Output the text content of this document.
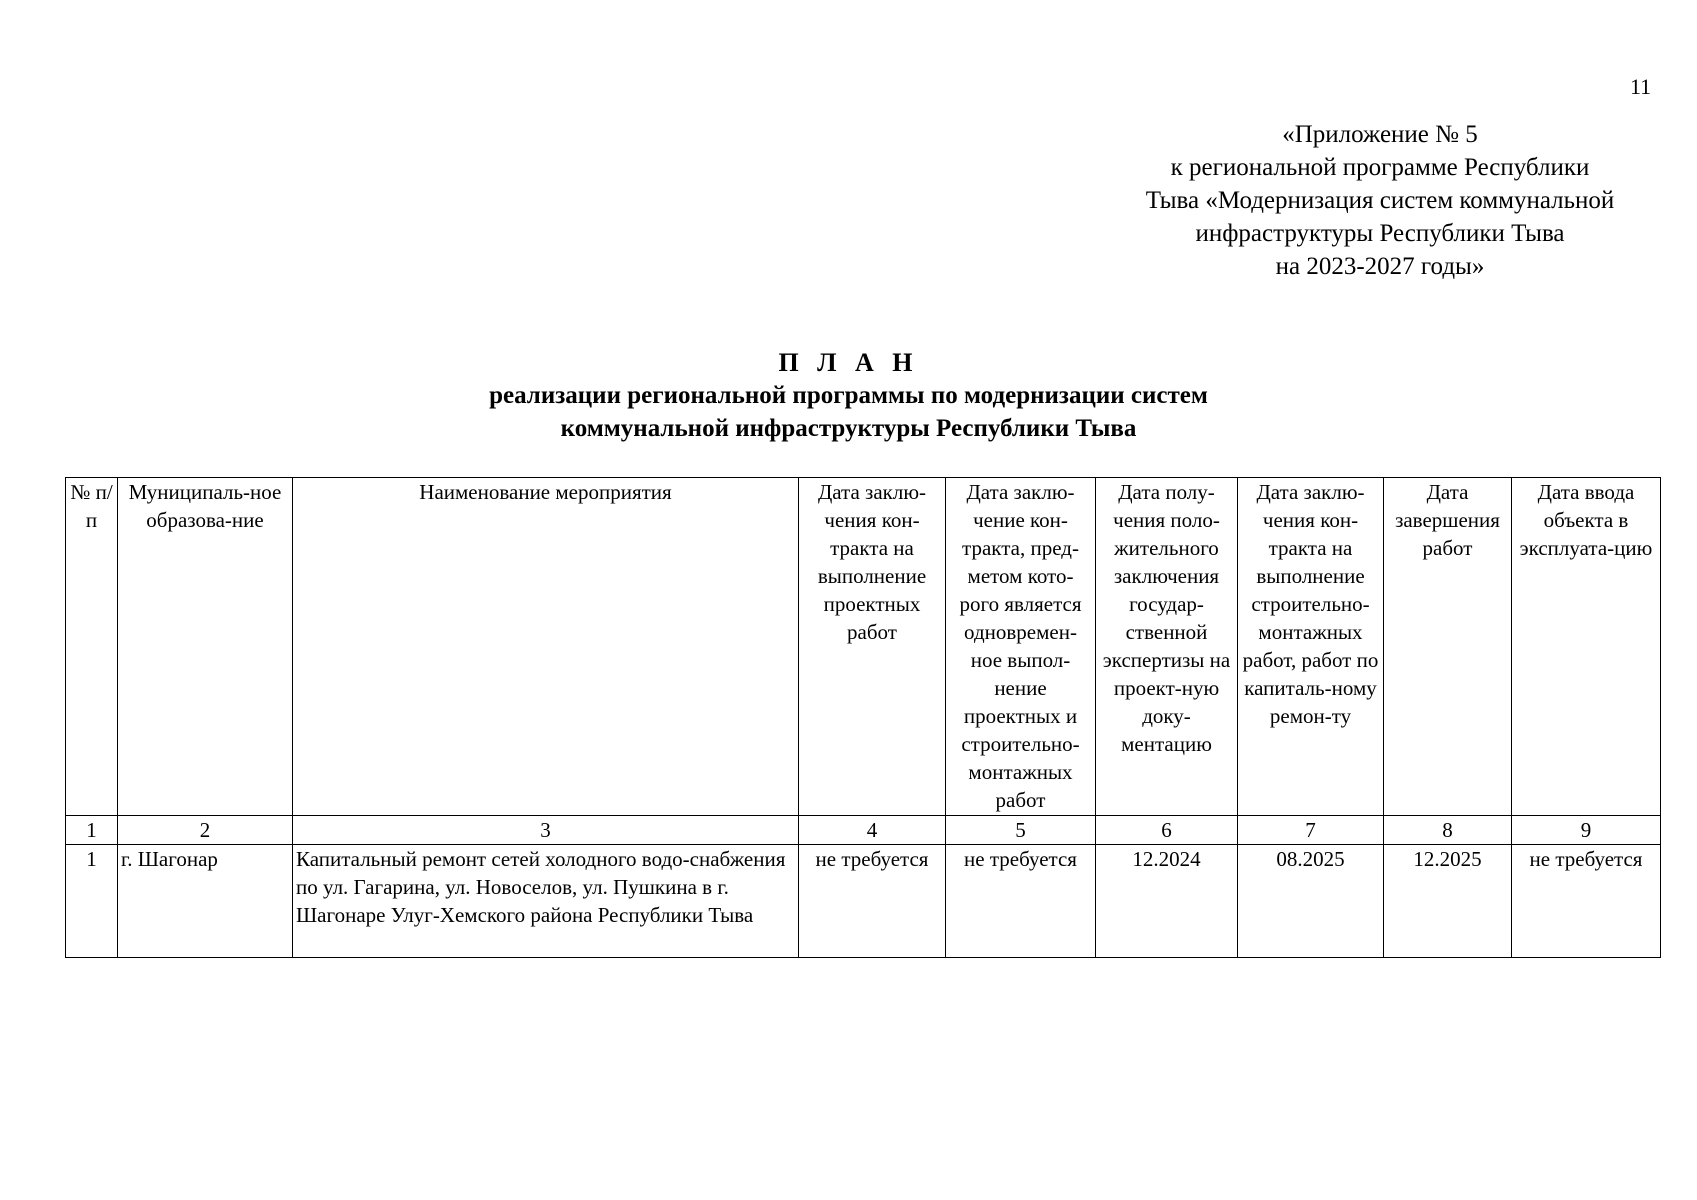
11
«Приложение № 5
к региональной программе Республики
Тыва «Модернизация систем коммунальной
инфраструктуры Республики Тыва
на 2023-2027 годы»
П Л А Н
реализации региональной программы по модернизации систем
коммунальной инфраструктуры Республики Тыва
№ п/п	Муниципаль-ное образова-ние	Наименование мероприятия	Дата заклю-чения кон-тракта на выполнение проектных работ	Дата заклю-чение кон-тракта, пред-метом кото-рого является одновремен-ное выпол-нение проектных и строительно-монтажных работ	Дата полу-чения поло-жительного заключения государ-ственной экспертизы на проект-ную доку-ментацию	Дата заклю-чения кон-тракта на выполнение строительно-монтажных работ, работ по капиталь-ному ремон-ту	Дата завершения работ	Дата ввода объекта в эксплуата-цию
1	2	3	4	5	6	7	8	9
1	г. Шагонар	Капитальный ремонт сетей холодного водо-снабжения по ул. Гагарина, ул. Новоселов, ул. Пушкина в г. Шагонаре Улуг-Хемского района Республики Тыва	не требуется	не требуется	12.2024	08.2025	12.2025	не требуется
